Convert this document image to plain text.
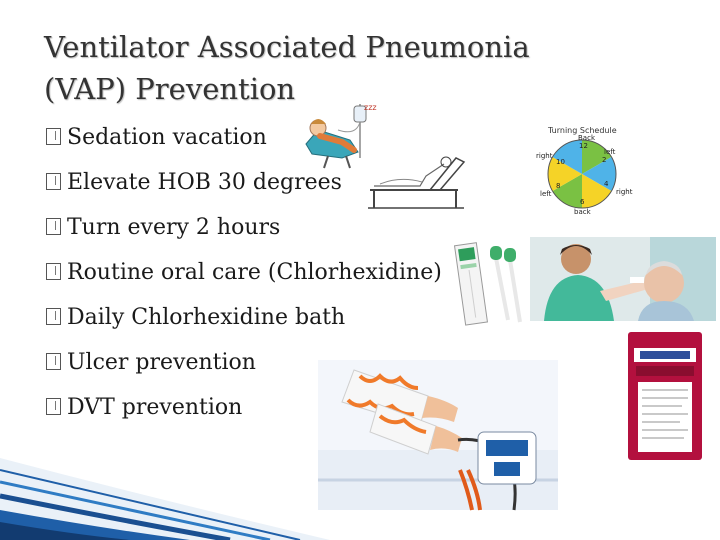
Ventilator Associated Pneumonia
(VAP) Prevention
Sedation vacation
Elevate HOB 30 degrees
Turn every 2 hours
Routine oral care (Chlorhexidine)
Daily Chlorhexidine bath
Ulcer prevention
DVT prevention
zzz
Turning Schedule
Back
12
left
2
right
10
4
right
8
6
left
back
